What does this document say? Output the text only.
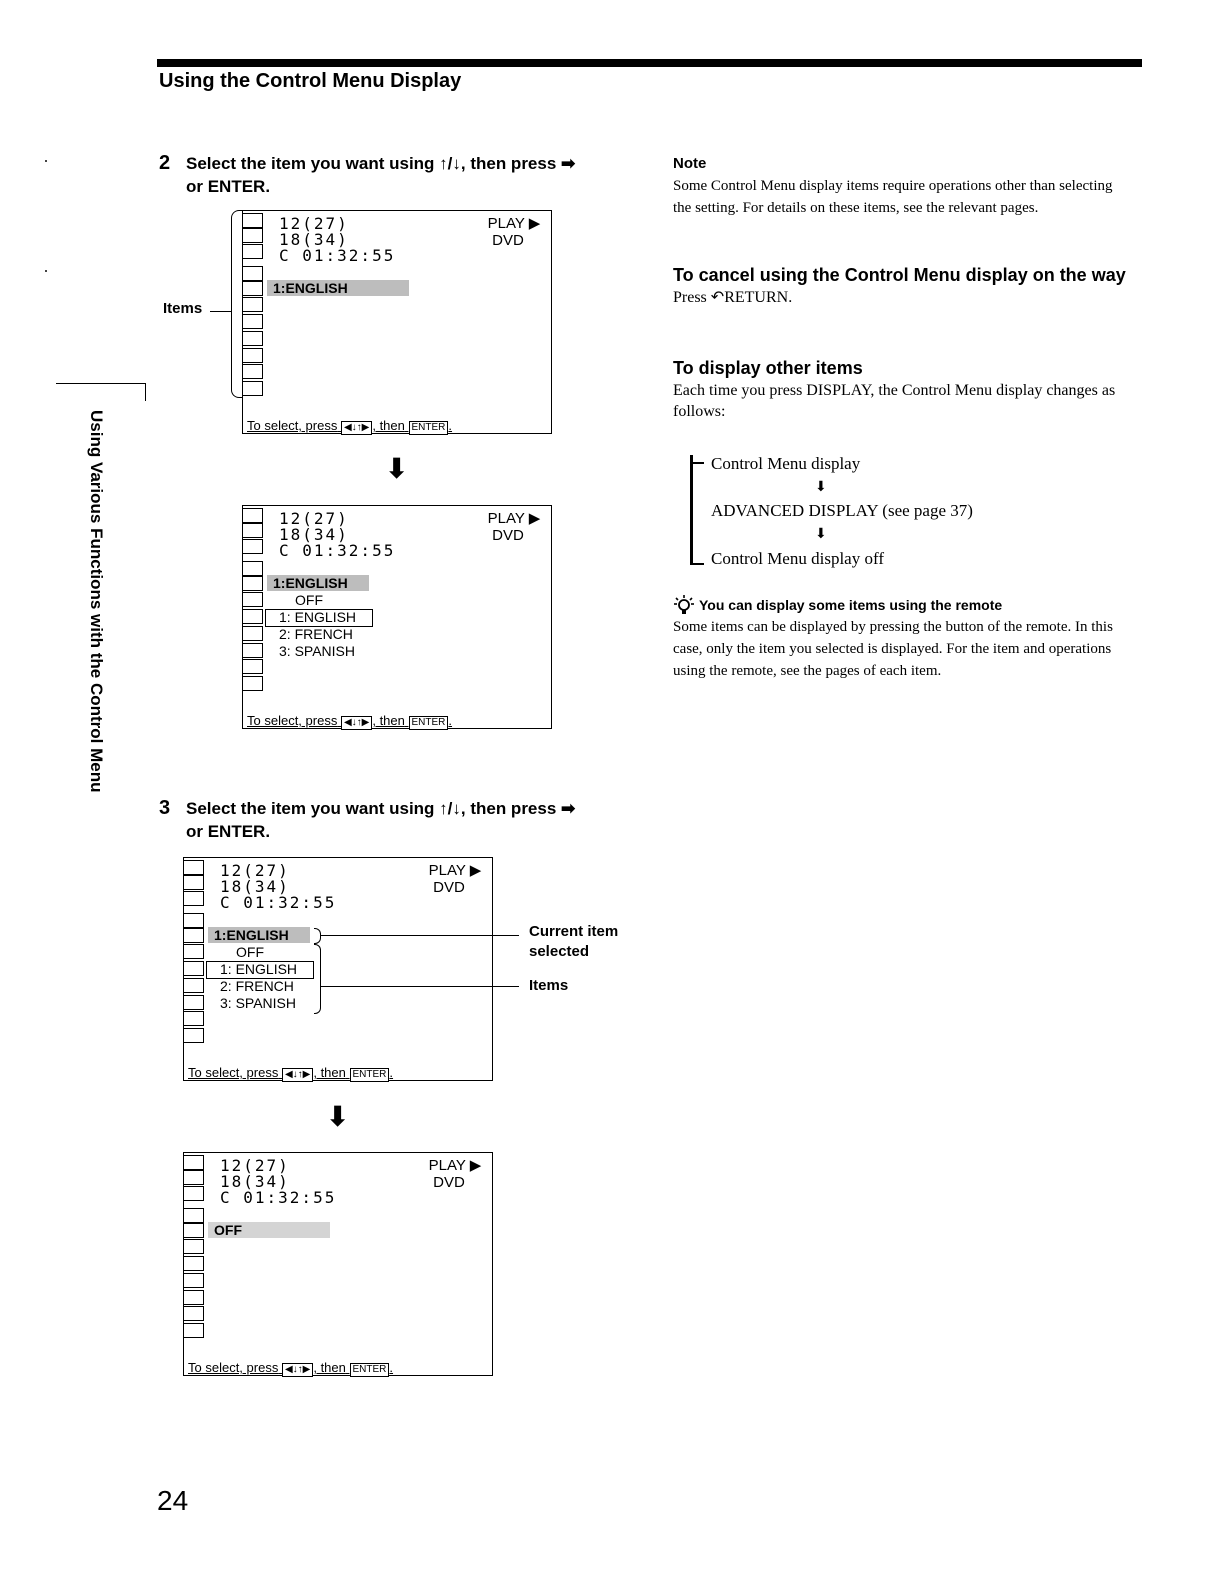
Using the Control Menu Display
Using Various Functions with the Control Menu
2 Select the item you want using ↑/↓, then press ➡
or ENTER.
Items
12(27)
18(34)
C 01:32:55
PLAY ▶
DVD
1:ENGLISH
To select, press ◀↓↑▶ , then ENTER .
⬇
12(27)
18(34)
C 01:32:55
PLAY ▶
DVD
1:ENGLISH
OFF
1: ENGLISH
2: FRENCH
3: SPANISH
To select, press ◀↓↑▶ , then ENTER .
3 Select the item you want using ↑/↓, then press ➡
or ENTER.
12(27)
18(34)
C 01:32:55
PLAY ▶
DVD
1:ENGLISH
OFF
1: ENGLISH
2: FRENCH
3: SPANISH
To select, press ◀↓↑▶ , then ENTER .
Current item
selected
Items
⬇
12(27)
18(34)
C 01:32:55
PLAY ▶
DVD
OFF
To select, press ◀↓↑▶ , then ENTER .
Note
Some Control Menu display items require operations other than selecting the setting. For details on these items, see the relevant pages.
To cancel using the Control Menu display on the way
Press ↶RETURN.
To display other items
Each time you press DISPLAY, the Control Menu display changes as follows:
Control Menu display
⬇
ADVANCED DISPLAY (see page 37)
⬇
Control Menu display off
You can display some items using the remote
Some items can be displayed by pressing the button of the remote. In this case, only the item you selected is displayed. For the item and operations using the remote, see the pages of each item.
24
